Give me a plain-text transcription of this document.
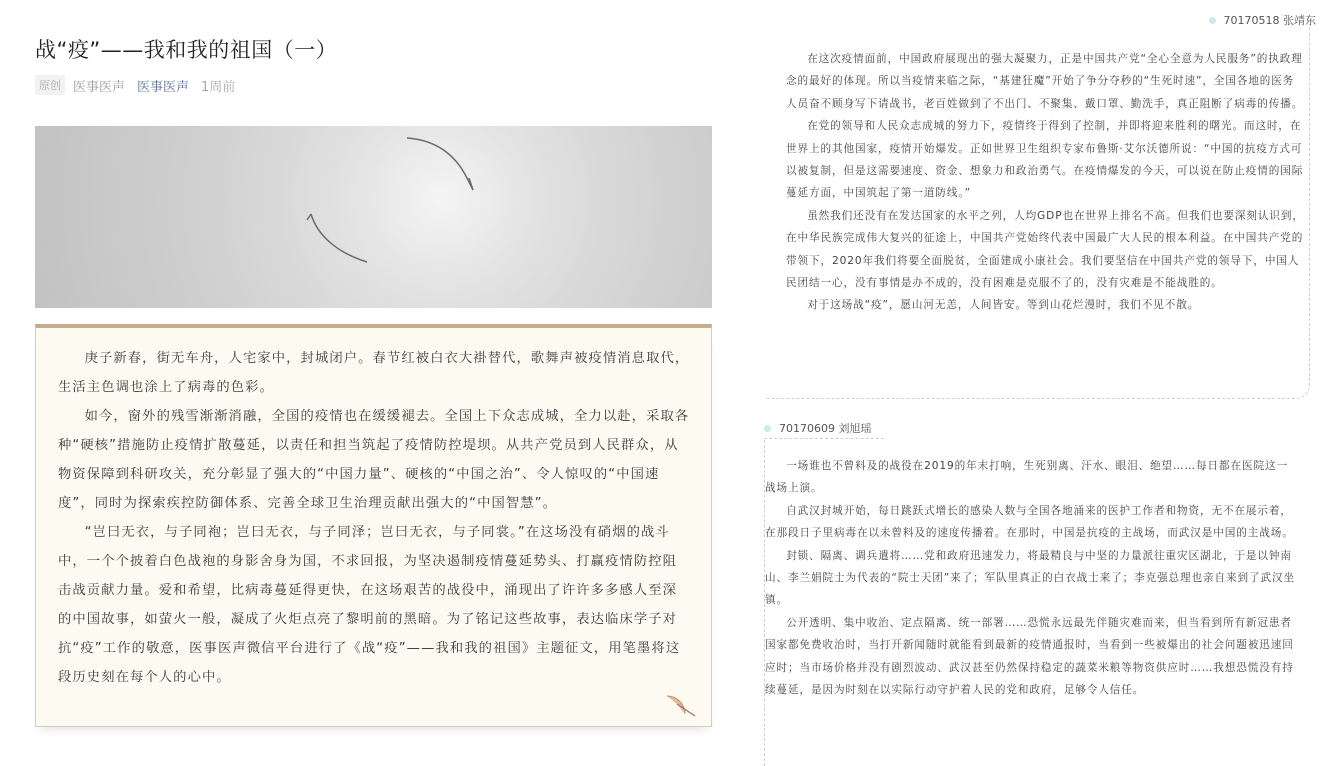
战“疫”——我和我的祖国（一）
原创 医事医声 医事医声 1周前

庚子新春，街无车舟，人宅家中，封城闭户。春节红被白衣大褂替代，歌舞声被疫情消息取代，生活主色调也涂上了病毒的色彩。

如今，窗外的残雪渐渐消融，全国的疫情也在缓缓褪去。全国上下众志成城，全力以赴，采取各种“硬核”措施防止疫情扩散蔓延，以责任和担当筑起了疫情防控堤坝。从共产党员到人民群众，从物资保障到科研攻关，充分彰显了强大的“中国力量”、硬核的“中国之治”、令人惊叹的“中国速度”，同时为探索疾控防御体系、完善全球卫生治理贡献出强大的“中国智慧”。

“岂曰无衣，与子同袍；岂曰无衣，与子同泽；岂曰无衣，与子同裳。”在这场没有硝烟的战斗中，一个个披着白色战袍的身影舍身为国，不求回报，为坚决遏制疫情蔓延势头、打赢疫情防控阻击战贡献力量。爱和希望，比病毒蔓延得更快，在这场艰苦的战役中，涌现出了许许多多感人至深的中国故事，如萤火一般，凝成了火炬点亮了黎明前的黑暗。为了铭记这些故事，表达临床学子对抗“疫”工作的敬意，医事医声微信平台进行了《战“疫”——我和我的祖国》主题征文，用笔墨将这段历史刻在每个人的心中。

70170518 张靖东

在这次疫情面前，中国政府展现出的强大凝聚力，正是中国共产党“全心全意为人民服务”的执政理念的最好的体现。所以当疫情来临之际，“基建狂魔”开始了争分夺秒的“生死时速”，全国各地的医务人员奋不顾身写下请战书，老百姓做到了不出门、不聚集、戴口罩、勤洗手，真正阻断了病毒的传播。

在党的领导和人民众志成城的努力下，疫情终于得到了控制，并即将迎来胜利的曙光。而这时，在世界上的其他国家，疫情开始爆发。正如世界卫生组织专家布鲁斯·艾尔沃德所说：“中国的抗疫方式可以被复制，但是这需要速度、资金、想象力和政治勇气。在疫情爆发的今天，可以说在防止疫情的国际蔓延方面，中国筑起了第一道防线。”

虽然我们还没有在发达国家的水平之列，人均GDP也在世界上排名不高。但我们也要深刻认识到，在中华民族完成伟大复兴的征途上，中国共产党始终代表中国最广大人民的根本利益。在中国共产党的带领下，2020年我们将要全面脱贫，全面建成小康社会。我们要坚信在中国共产党的领导下，中国人民团结一心，没有事情是办不成的，没有困难是克服不了的，没有灾难是不能战胜的。

对于这场战“疫”，愿山河无恙，人间皆安。等到山花烂漫时，我们不见不散。

70170609 刘旭瑶

一场谁也不曾料及的战役在2019的年末打响，生死别离、汗水、眼泪、绝望……每日都在医院这一战场上演。

自武汉封城开始，每日跳跃式增长的感染人数与全国各地涌来的医护工作者和物资，无不在展示着，在那段日子里病毒在以未曾料及的速度传播着。在那时，中国是抗疫的主战场，而武汉是中国的主战场。

封锁、隔离、调兵遣将……党和政府迅速发力，将最精良与中坚的力量派往重灾区湖北，于是以钟南山、李兰娟院士为代表的“院士天团”来了；军队里真正的白衣战士来了；李克强总理也亲自来到了武汉坐镇。

公开透明、集中收治、定点隔离、统一部署……恐慌永远最先伴随灾难而来，但当看到所有新冠患者国家都免费收治时，当打开新闻随时就能看到最新的疫情通报时，当看到一些被爆出的社会问题被迅速回应时；当市场价格并没有剧烈波动、武汉甚至仍然保持稳定的蔬菜米粮等物资供应时……我想恐慌没有持续蔓延，是因为时刻在以实际行动守护着人民的党和政府，足够令人信任。
